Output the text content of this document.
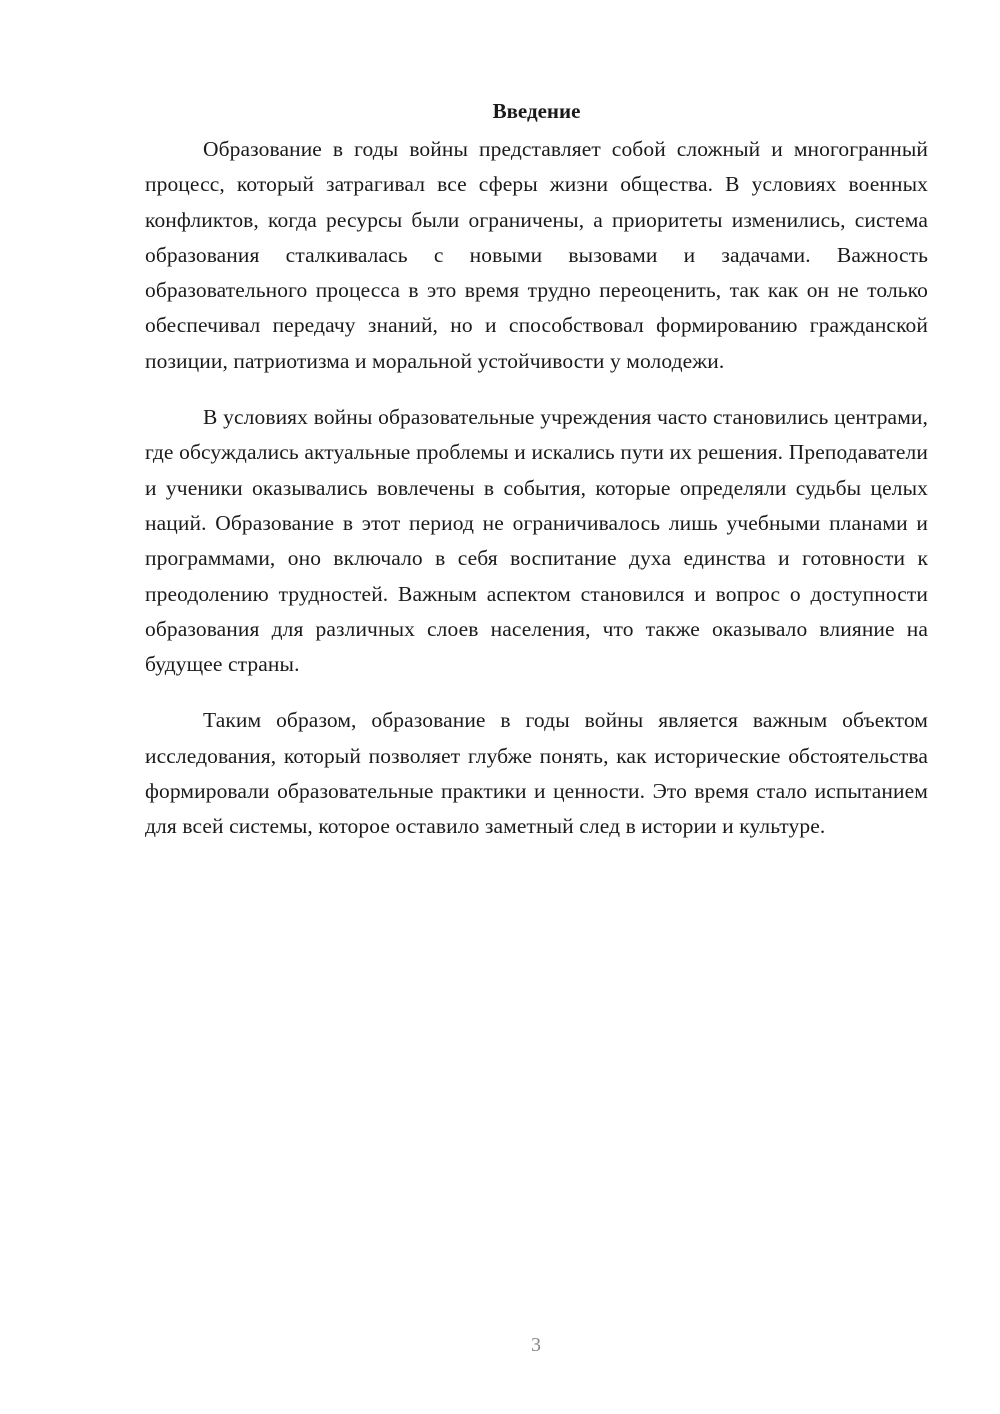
Введение

Образование в годы войны представляет собой сложный и многогранный процесс, который затрагивал все сферы жизни общества. В условиях военных конфликтов, когда ресурсы были ограничены, а приоритеты изменились, система образования сталкивалась с новыми вызовами и задачами. Важность образовательного процесса в это время трудно переоценить, так как он не только обеспечивал передачу знаний, но и способствовал формированию гражданской позиции, патриотизма и моральной устойчивости у молодежи.

В условиях войны образовательные учреждения часто становились центрами, где обсуждались актуальные проблемы и искались пути их решения. Преподаватели и ученики оказывались вовлечены в события, которые определяли судьбы целых наций. Образование в этот период не ограничивалось лишь учебными планами и программами, оно включало в себя воспитание духа единства и готовности к преодолению трудностей. Важным аспектом становился и вопрос о доступности образования для различных слоев населения, что также оказывало влияние на будущее страны.

Таким образом, образование в годы войны является важным объектом исследования, который позволяет глубже понять, как исторические обстоятельства формировали образовательные практики и ценности. Это время стало испытанием для всей системы, которое оставило заметный след в истории и культуре.

3
